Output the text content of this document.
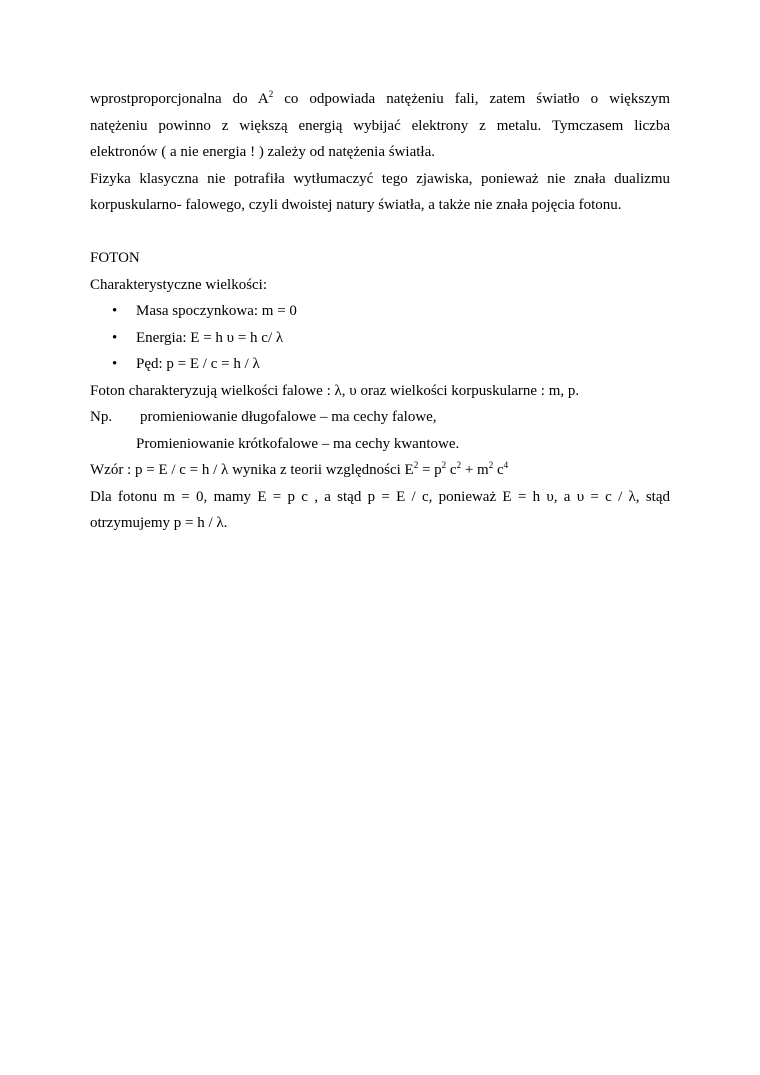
wprostproporcjonalna do $A^2$ co odpowiada natężeniu fali, zatem światło o większym
natężeniu powinno z większą energią wybijać elektrony z metalu. Tymczasem liczba
elektronów ( a nie energia ! ) zależy od natężenia światła.
Fizyka klasyczna nie potrafiła wytłumaczyć tego zjawiska, ponieważ nie znała dualizmu
korpuskularno- falowego, czyli dwoistej natury światła, a także nie znała pojęcia fotonu.
FOTON
Charakterystyczne wielkości:
• Masa spoczynkowa: m = 0
• Energia: E = h υ = h c/ λ
• Pęd: p = E / c = h / λ
Foton charakteryzują wielkości falowe : λ, υ oraz wielkości korpuskularne : m, p.
Np. promieniowanie długofalowe – ma cechy falowe,
Promieniowanie krótkofalowe – ma cechy kwantowe.
Wzór : p = E / c = h / λ wynika z teorii względności $E^2 = p^2$ $c^2 + m^2$ $c^4$
Dla fotonu m = 0, mamy E = p c , a stąd p = E / c, ponieważ E = h υ, a υ = c / λ, stąd
otrzymujemy p = h / λ.
